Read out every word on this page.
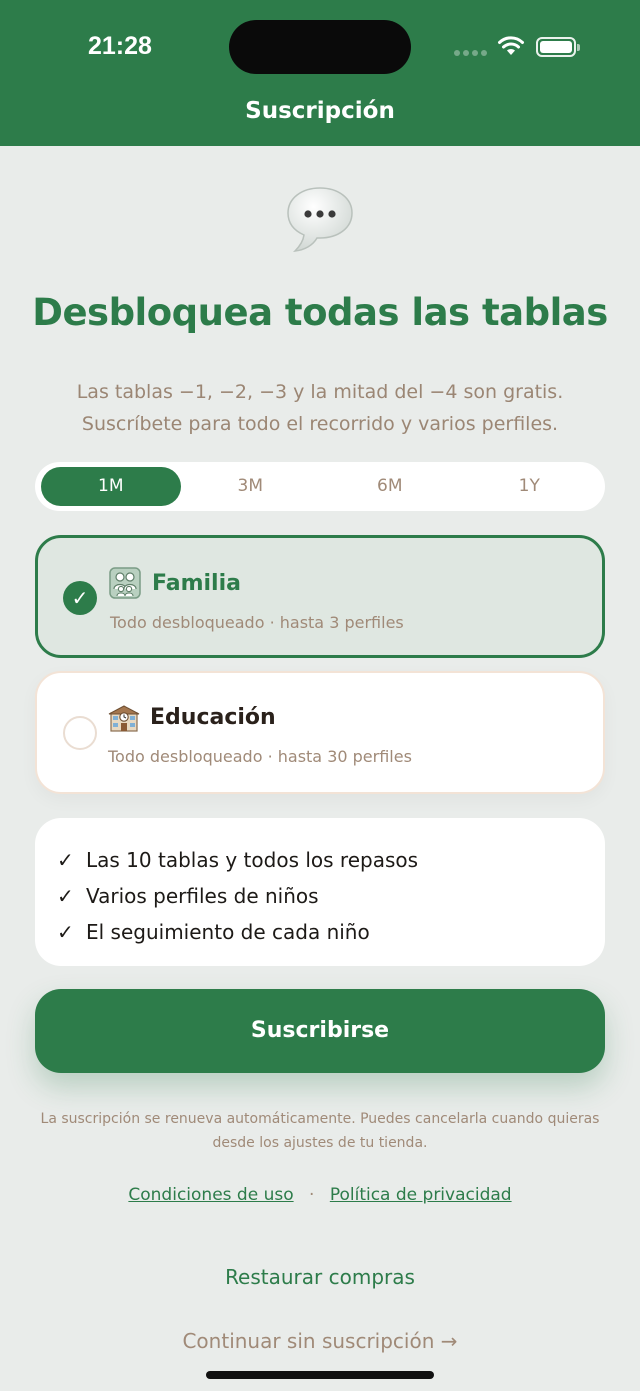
21:28
Suscripción
Desbloquea todas las tablas
Las tablas −1, −2, −3 y la mitad del −4 son gratis.
Suscríbete para todo el recorrido y varios perfiles.
1M	3M	6M	1Y
✓
Familia
Todo desbloqueado · hasta 3 perfiles
Educación
Todo desbloqueado · hasta 30 perfiles
✓ Las 10 tablas y todos los repasos
✓ Varios perfiles de niños
✓ El seguimiento de cada niño
Suscribirse
La suscripción se renueva automáticamente. Puedes cancelarla cuando quieras
desde los ajustes de tu tienda.
Condiciones de uso · Política de privacidad
Restaurar compras
Continuar sin suscripción →
